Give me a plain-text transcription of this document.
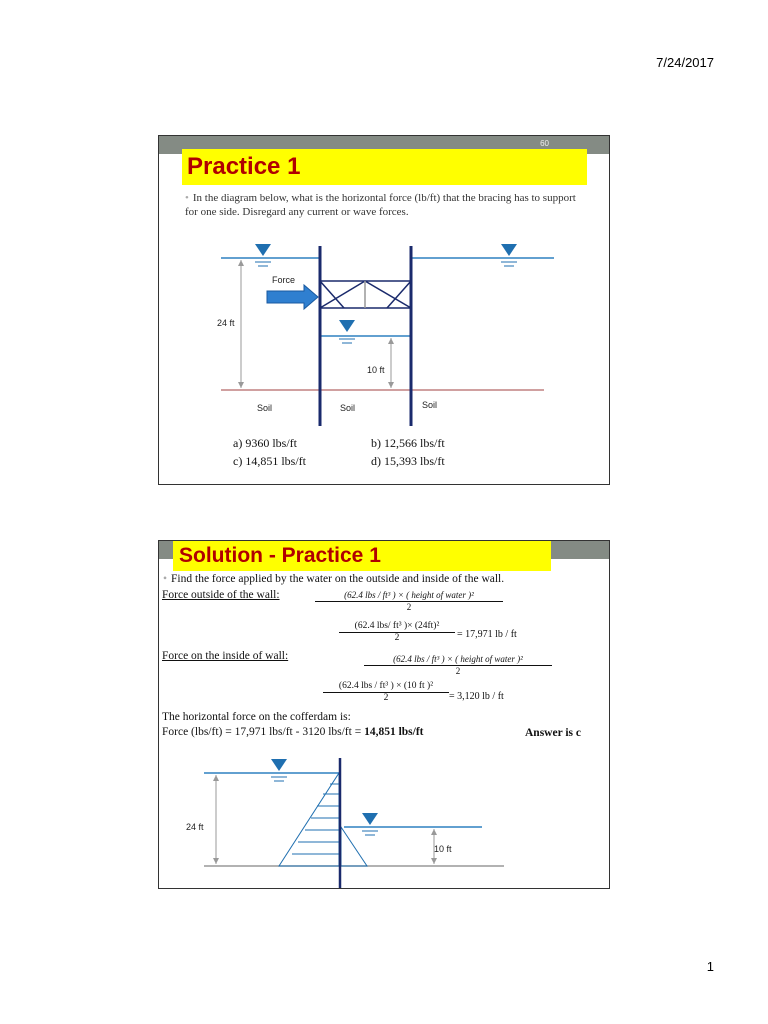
7/24/2017
60
Practice 1
• In the diagram below, what is the horizontal force (lb/ft) that the bracing has to support for one side. Disregard any current or wave forces.
Force
24 ft
10 ft
Soil	Soil	Soil
a) 9360 lbs/ft	b) 12,566 lbs/ft
c) 14,851 lbs/ft	d) 15,393 lbs/ft
Solution - Practice 1
• Find the force applied by the water on the outside and inside of the wall.
Force outside of the wall:	(62.4 lbs / ft³ ) × ( height of water )²
2
(62.4 lbs/ ft³ )× (24ft)²
2	= 17,971 lb / ft
Force on the inside of wall:	(62.4 lbs / ft³ ) × ( height of water )²
2
(62.4 lbs / ft³ ) × (10 ft )²
2	= 3,120 lb / ft
The horizontal force on the cofferdam is:
Force (lbs/ft) = 17,971 lbs/ft - 3120 lbs/ft = 14,851 lbs/ft	Answer is c
24 ft
10 ft
1
